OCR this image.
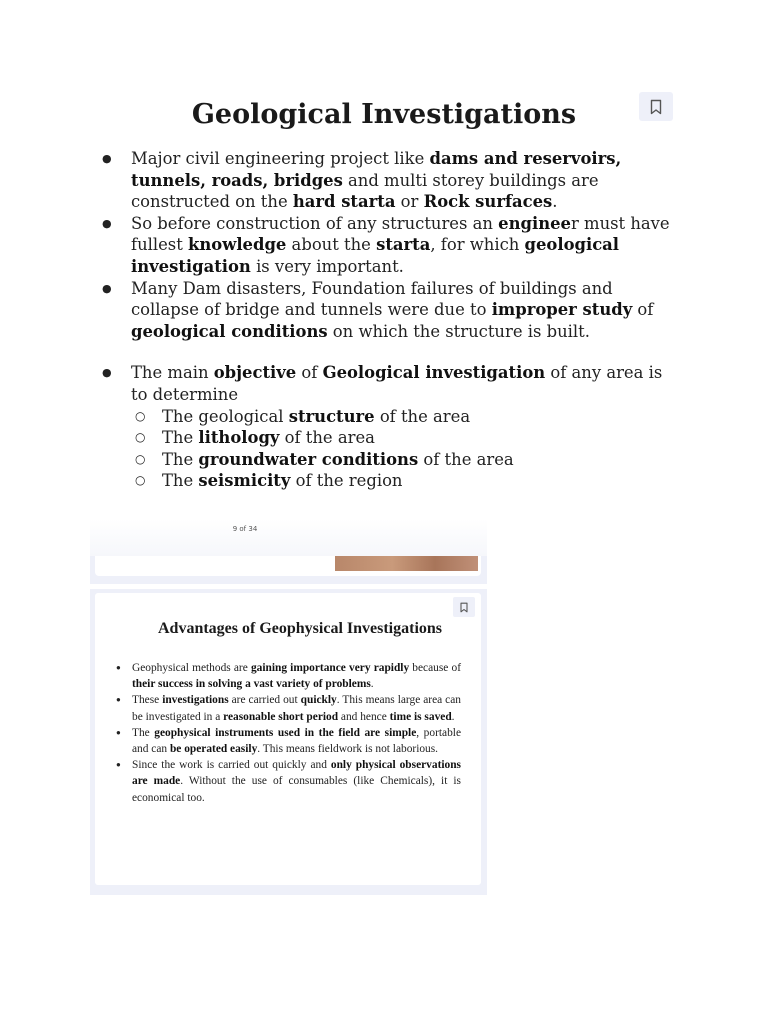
Geological Investigations
● Major civil engineering project like dams and reservoirs, tunnels, roads, bridges and multi storey buildings are constructed on the hard starta or Rock surfaces.
● So before construction of any structures an engineer must have fullest knowledge about the starta, for which geological investigation is very important.
● Many Dam disasters, Foundation failures of buildings and collapse of bridge and tunnels were due to improper study of geological conditions on which the structure is built.
● The main objective of Geological investigation of any area is to determine
○ The geological structure of the area
○ The lithology of the area
○ The groundwater conditions of the area
○ The seismicity of the region
9 of 34
Advantages of Geophysical Investigations
● Geophysical methods are gaining importance very rapidly because of their success in solving a vast variety of problems.
● These investigations are carried out quickly. This means large area can be investigated in a reasonable short period and hence time is saved.
● The geophysical instruments used in the field are simple, portable and can be operated easily. This means fieldwork is not laborious.
● Since the work is carried out quickly and only physical observations are made. Without the use of consumables (like Chemicals), it is economical too.
